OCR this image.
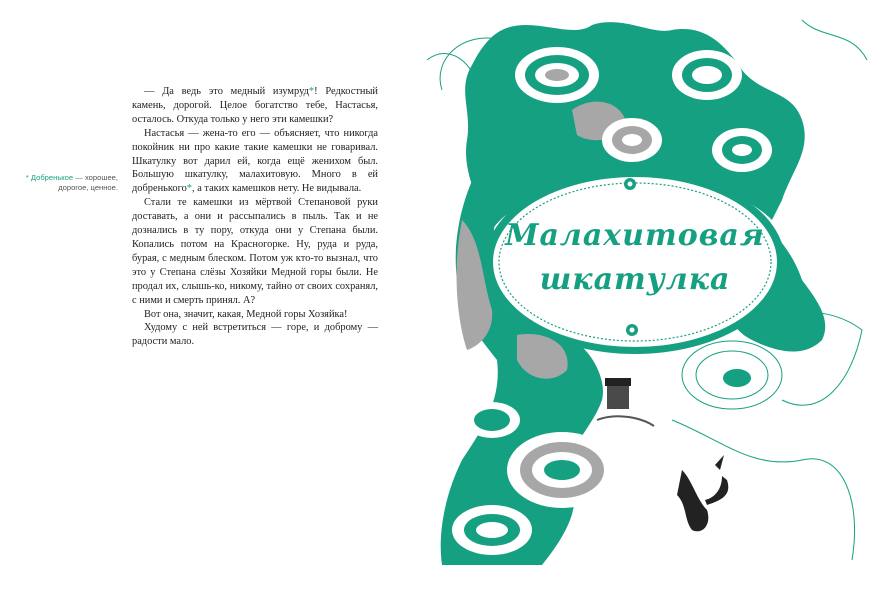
* Добренькое — хорошее, дорогое, ценное.

— Да ведь это медный изумруд*! Редкостный камень, дорогой. Целое богатство тебе, Настасья, осталось. Откуда только у него эти камешки?

Настасья — жена-то его — объясняет, что никогда покойник ни про какие такие камешки не говаривал. Шкатулку вот дарил ей, когда ещё женихом был. Большую шкатулку, малахитовую. Много в ей добренького*, а таких камешков нету. Не видывала.

Стали те камешки из мёртвой Степановой руки доставать, а они и рассыпались в пыль. Так и не дознались в ту пору, откуда они у Степана были. Копались потом на Красногорке. Ну, руда и руда, бурая, с медным блеском. Потом уж кто-то вызнал, что это у Степана слёзы Хозяйки Медной горы были. Не продал их, слышь-ко, никому, тайно от своих сохранял, с ними и смерть принял. А?

Вот она, значит, какая, Медной горы Хозяйка!

Худому с ней встретиться — горе, и доброму — радости мало.

Малахитовая
шкатулка
